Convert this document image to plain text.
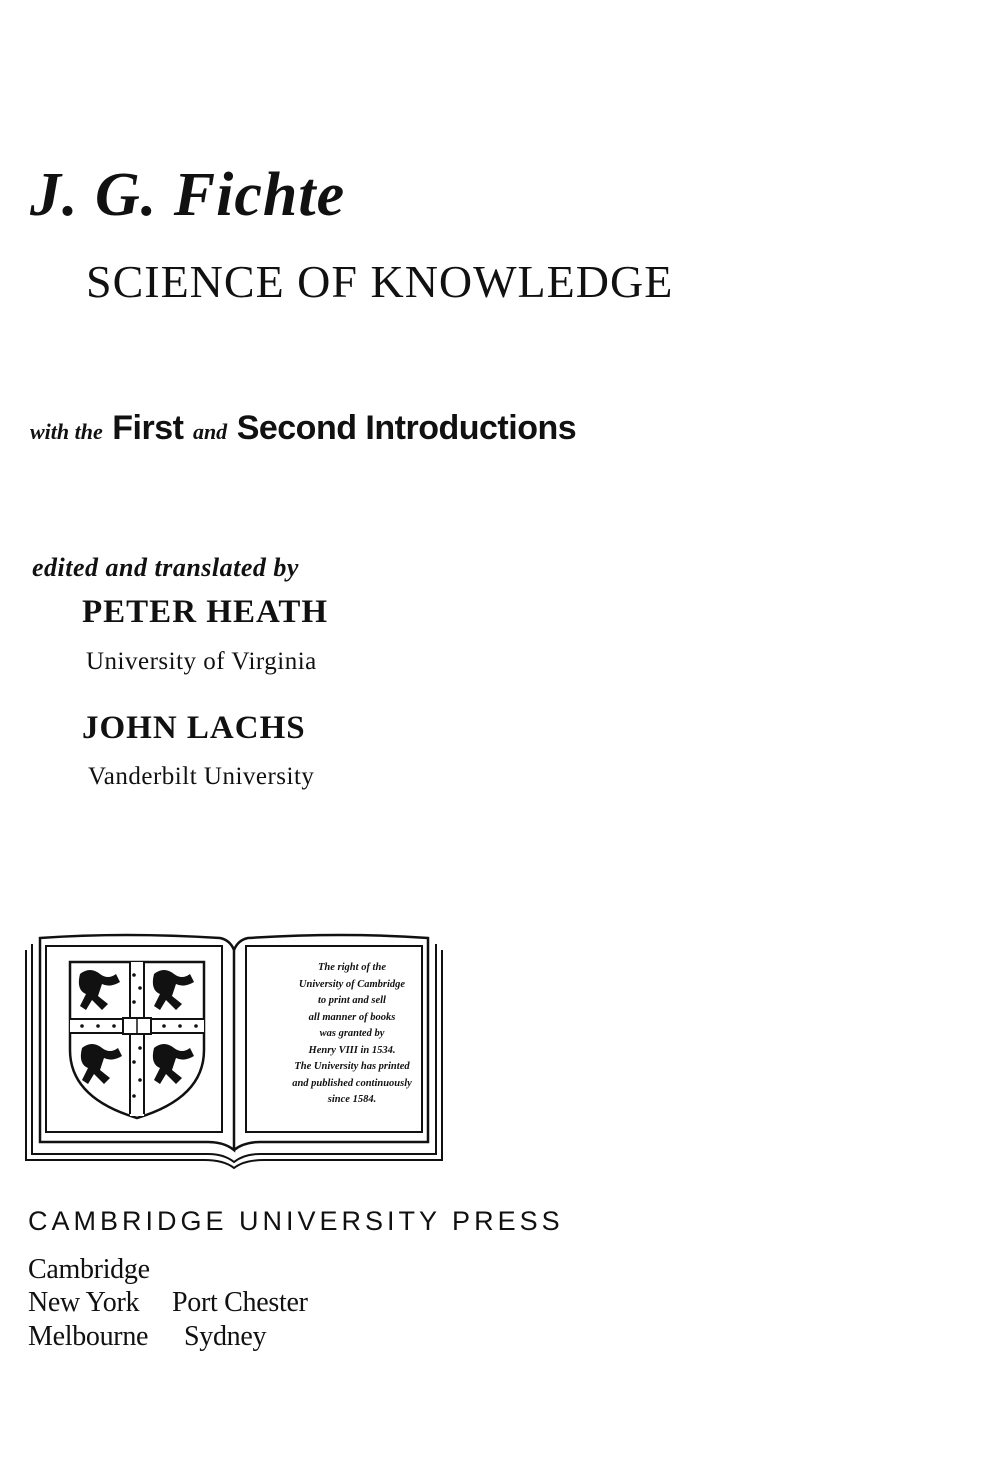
J. G. Fichte
SCIENCE OF KNOWLEDGE
with the First and Second Introductions
edited and translated by
PETER HEATH
University of Virginia
JOHN LACHS
Vanderbilt University
The right of the
University of Cambridge
to print and sell
all manner of books
was granted by
Henry VIII in 1534.
The University has printed
and published continuously
since 1584.
CAMBRIDGE UNIVERSITY PRESS
Cambridge
New York Port Chester
Melbourne Sydney
